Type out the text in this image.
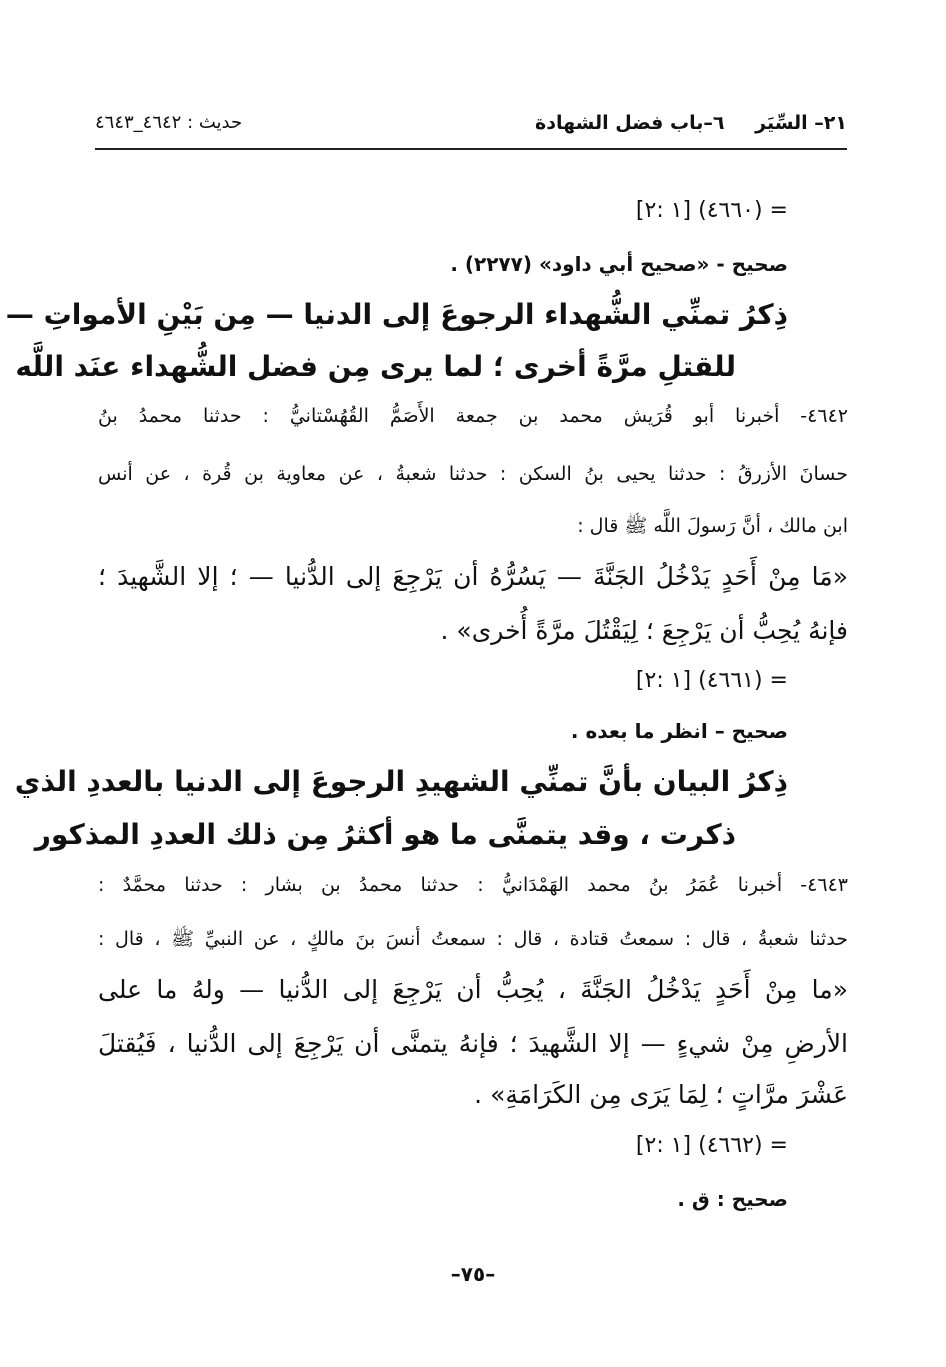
٢١– السِّيَر
٦–باب فضل الشهادة
حديث : ٤٦٤٢_٤٦٤٣
= (٤٦٦٠) [١ :٢]
صحيح - «صحيح أبي داود» (٢٢٧٧) .
ذِكرُ تمنِّي الشُّهداء الرجوعَ إلى الدنيا — مِن بَيْنِ الأمواتِ —
للقتلِ مرَّةً أخرى ؛ لما يرى مِن فضل الشُّهداء عنَد اللَّه
٤٦٤٢- أخبرنا أبو قُرَيش محمد بن جمعة الأَصَمُّ القُهُسْتانيُّ : حدثنا محمدُ بنُ
حسانَ الأزرقُ : حدثنا يحيى بنُ السكن : حدثنا شعبةُ ، عن معاوية بن قُرة ، عن أنس
ابن مالك ، أنَّ رَسولَ اللَّه ﷺ قال :
«مَا مِنْ أَحَدٍ يَدْخُلُ الجَنَّةَ — يَسُرُّهُ أن يَرْجِعَ إلى الدُّنيا — ؛ إلا الشَّهيدَ ؛
فإنهُ يُحِبُّ أن يَرْجِعَ ؛ لِيَقْتُلَ مرَّةً أُخرى» .
= (٤٦٦١) [١ :٢]
صحيح – انظر ما بعده .
ذِكرُ البيان بأنَّ تمنِّي الشهيدِ الرجوعَ إلى الدنيا بالعددِ الذي
ذكرت ، وقد يتمنَّى ما هو أكثرُ مِن ذلك العددِ المذكور
٤٦٤٣- أخبرنا عُمَرُ بنُ محمد الهَمْدَانيُّ : حدثنا محمدُ بن بشار : حدثنا محمَّدٌ :
حدثنا شعبةُ ، قال : سمعتُ قتادة ، قال : سمعتُ أنسَ بنَ مالكٍ ، عن النبيِّ ﷺ ، قال :
«ما مِنْ أَحَدٍ يَدْخُلُ الجَنَّةَ ، يُحِبُّ أن يَرْجِعَ إلى الدُّنيا — ولهُ ما على
الأرضِ مِنْ شيءٍ — إلا الشَّهيدَ ؛ فإنهُ يتمنَّى أن يَرْجِعَ إلى الدُّنيا ، فَيُقتلَ
عَشْرَ مرَّاتٍ ؛ لِمَا يَرَى مِن الكَرَامَةِ» .
= (٤٦٦٢) [١ :٢]
صحيح : ق .
–٧٥–
